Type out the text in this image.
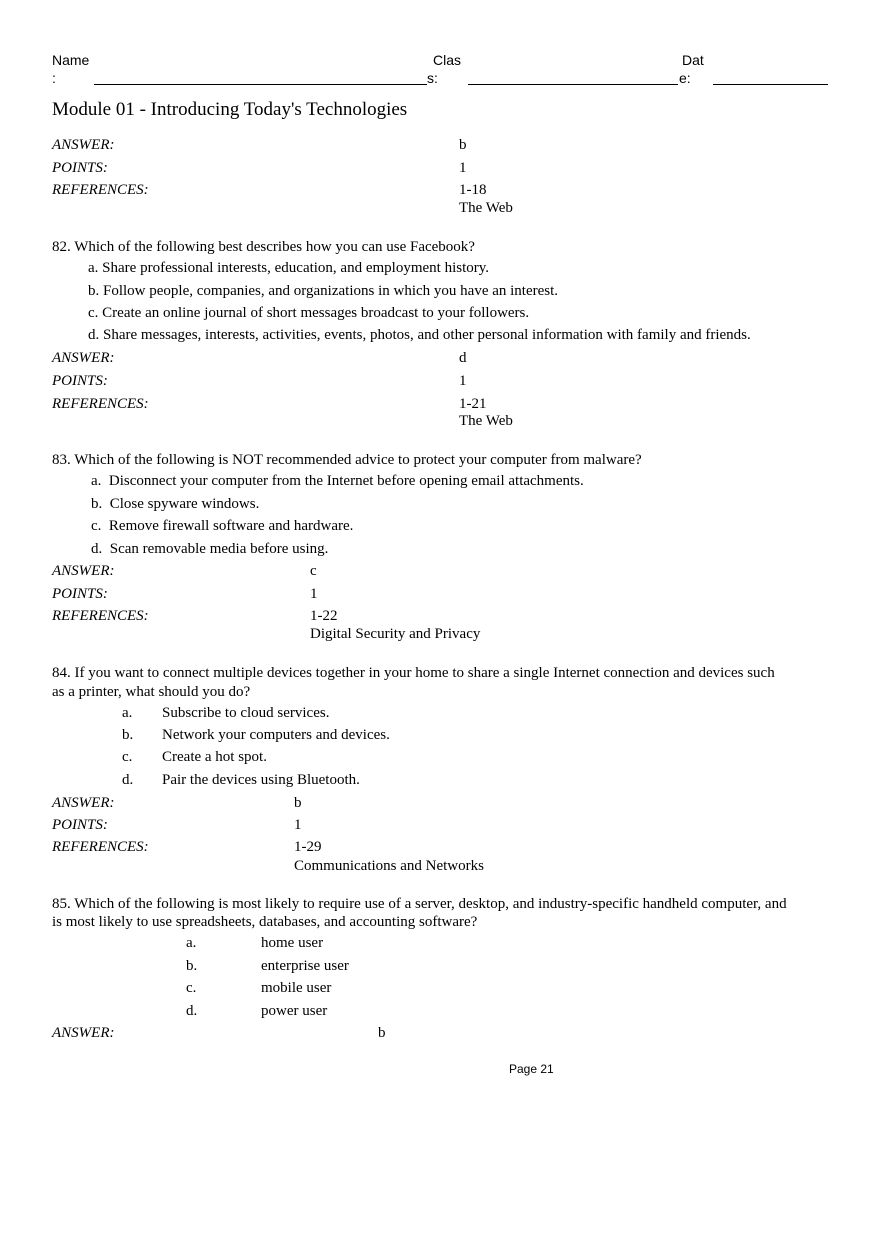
Name
:
Clas
s:
Dat
e:
Module 01 - Introducing Today's Technologies
ANSWER:	b
POINTS:	1
REFERENCES:	1-18
The Web
82. Which of the following best describes how you can use Facebook?
a. Share professional interests, education, and employment history.
b. Follow people, companies, and organizations in which you have an interest.
c. Create an online journal of short messages broadcast to your followers.
d. Share messages, interests, activities, events, photos, and other personal information with family and friends.
ANSWER:	d
POINTS:	1
REFERENCES:	1-21
The Web
83. Which of the following is NOT recommended advice to protect your computer from malware?
a. Disconnect your computer from the Internet before opening email attachments.
b. Close spyware windows.
c. Remove firewall software and hardware.
d. Scan removable media before using.
ANSWER:	c
POINTS:	1
REFERENCES:	1-22
Digital Security and Privacy
84. If you want to connect multiple devices together in your home to share a single Internet connection and devices such
as a printer, what should you do?
a. Subscribe to cloud services.
b. Network your computers and devices.
c. Create a hot spot.
d. Pair the devices using Bluetooth.
ANSWER:	b
POINTS:	1
REFERENCES:	1-29
Communications and Networks
85. Which of the following is most likely to require use of a server, desktop, and industry-specific handheld computer, and
is most likely to use spreadsheets, databases, and accounting software?
a.	home user
b.	enterprise user
c.	mobile user
d.	power user
ANSWER:	b
Page 21
